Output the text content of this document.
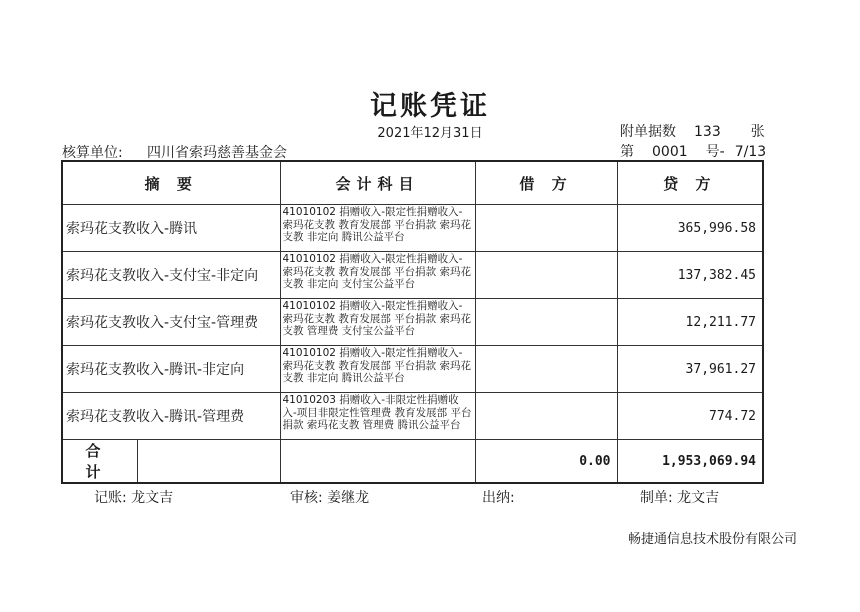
记账凭证
2021年12月31日
核算单位: 四川省索玛慈善基金会
附单据数 133 张
第 0001 号- 7/13
摘 要	会计科目	借 方	贷 方
索玛花支教收入-腾讯	41010102 捐赠收入-限定性捐赠收入-索玛花支教 教育发展部 平台捐款 索玛花支教 非定向 腾讯公益平台		365,996.58
索玛花支教收入-支付宝-非定向	41010102 捐赠收入-限定性捐赠收入-索玛花支教 教育发展部 平台捐款 索玛花支教 非定向 支付宝公益平台		137,382.45
索玛花支教收入-支付宝-管理费	41010102 捐赠收入-限定性捐赠收入-索玛花支教 教育发展部 平台捐款 索玛花支教 管理费 支付宝公益平台		12,211.77
索玛花支教收入-腾讯-非定向	41010102 捐赠收入-限定性捐赠收入-索玛花支教 教育发展部 平台捐款 索玛花支教 非定向 腾讯公益平台		37,961.27
索玛花支教收入-腾讯-管理费	41010203 捐赠收入-非限定性捐赠收入-项目非限定性管理费 教育发展部 平台捐款 索玛花支教 管理费 腾讯公益平台		774.72

合 计		0.00	1,953,069.94
记账: 龙文吉	审核: 姜继龙	出纳:	制单: 龙文吉
畅捷通信息技术股份有限公司
